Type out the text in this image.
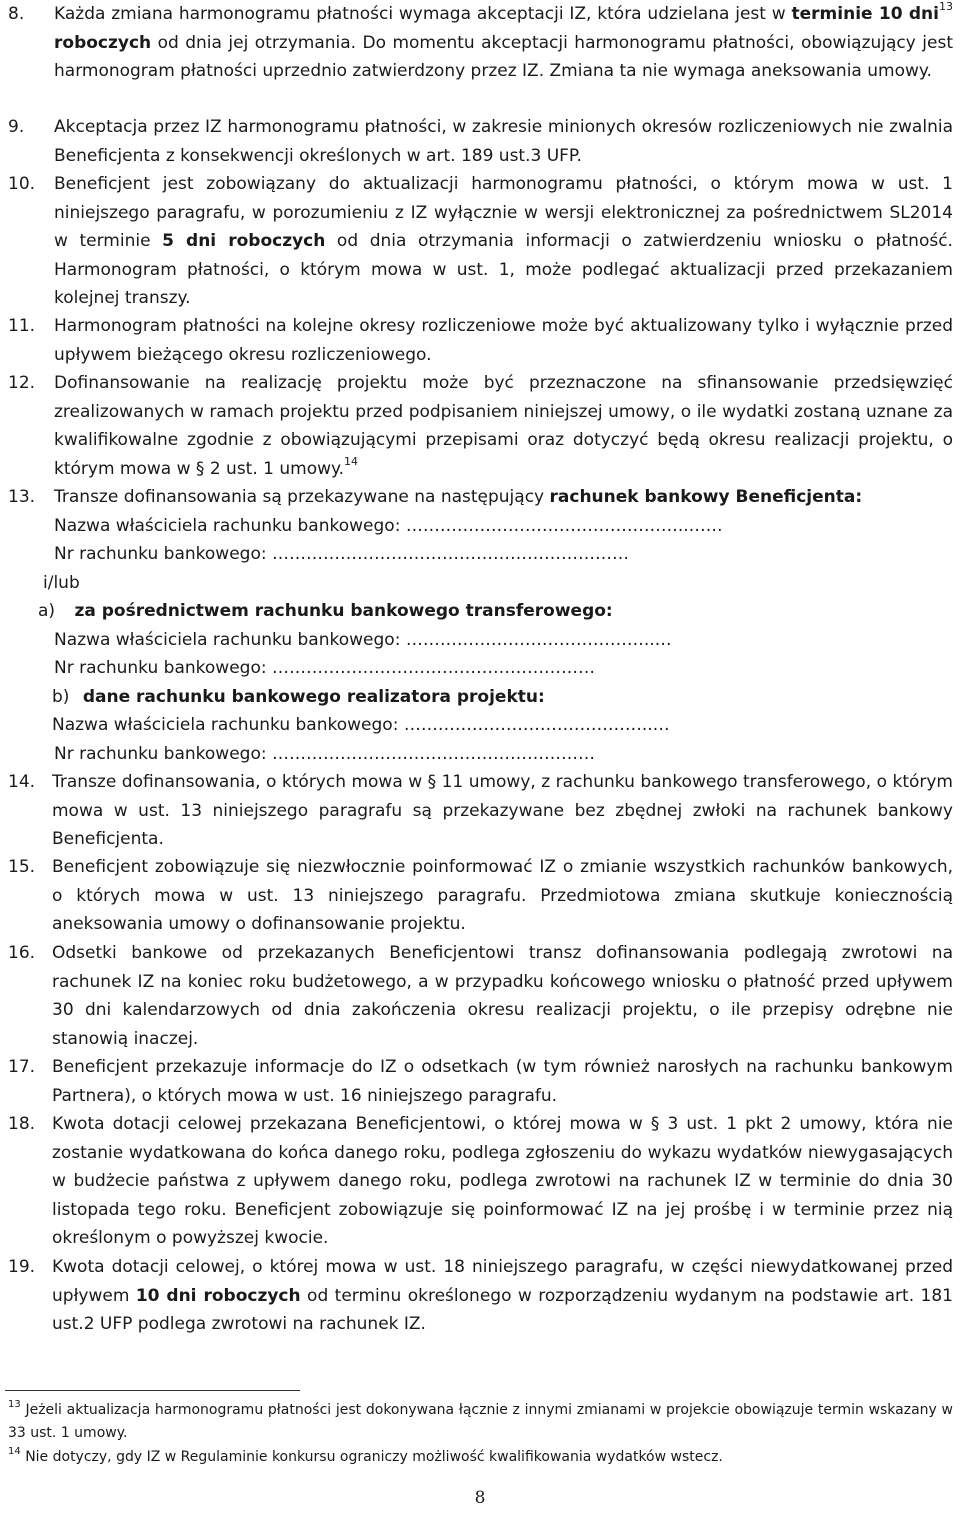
8. Każda zmiana harmonogramu płatności wymaga akceptacji IZ, która udzielana jest w terminie 10 dni$^{13}$ roboczych od dnia jej otrzymania. Do momentu akceptacji harmonogramu płatności, obowiązujący jest harmonogram płatności uprzednio zatwierdzony przez IZ. Zmiana ta nie wymaga aneksowania umowy.
9. Akceptacja przez IZ harmonogramu płatności, w zakresie minionych okresów rozliczeniowych nie zwalnia Beneficjenta z konsekwencji określonych w art. 189 ust.3 UFP.
10. Beneficjent jest zobowiązany do aktualizacji harmonogramu płatności, o którym mowa w ust. 1 niniejszego paragrafu, w porozumieniu z IZ wyłącznie w wersji elektronicznej za pośrednictwem SL2014 w terminie 5 dni roboczych od dnia otrzymania informacji o zatwierdzeniu wniosku o płatność. Harmonogram płatności, o którym mowa w ust. 1, może podlegać aktualizacji przed przekazaniem kolejnej transzy.
11. Harmonogram płatności na kolejne okresy rozliczeniowe może być aktualizowany tylko i wyłącznie przed upływem bieżącego okresu rozliczeniowego.
12. Dofinansowanie na realizację projektu może być przeznaczone na sfinansowanie przedsięwzięć zrealizowanych w ramach projektu przed podpisaniem niniejszej umowy, o ile wydatki zostaną uznane za kwalifikowalne zgodnie z obowiązującymi przepisami oraz dotyczyć będą okresu realizacji projektu, o którym mowa w § 2 ust. 1 umowy.$^{14}$
13. Transze dofinansowania są przekazywane na następujący rachunek bankowy Beneficjenta:
Nazwa właściciela rachunku bankowego: …………………………………………..……
Nr rachunku bankowego: ………………………………………………………
i/lub
a) za pośrednictwem rachunku bankowego transferowego:
Nazwa właściciela rachunku bankowego: ……………………………………..…
Nr rachunku bankowego: …………………………………………………
b) dane rachunku bankowego realizatora projektu:
Nazwa właściciela rachunku bankowego: ……………………………………..…
Nr rachunku bankowego: …………………………………………………
14. Transze dofinansowania, o których mowa w § 11 umowy, z rachunku bankowego transferowego, o którym mowa w ust. 13 niniejszego paragrafu są przekazywane bez zbędnej zwłoki na rachunek bankowy Beneficjenta.
15. Beneficjent zobowiązuje się niezwłocznie poinformować IZ o zmianie wszystkich rachunków bankowych, o których mowa w ust. 13 niniejszego paragrafu. Przedmiotowa zmiana skutkuje koniecznością aneksowania umowy o dofinansowanie projektu.
16. Odsetki bankowe od przekazanych Beneficjentowi transz dofinansowania podlegają zwrotowi na rachunek IZ na koniec roku budżetowego, a w przypadku końcowego wniosku o płatność przed upływem 30 dni kalendarzowych od dnia zakończenia okresu realizacji projektu, o ile przepisy odrębne nie stanowią inaczej.
17. Beneficjent przekazuje informacje do IZ o odsetkach (w tym również narosłych na rachunku bankowym Partnera), o których mowa w ust. 16 niniejszego paragrafu.
18. Kwota dotacji celowej przekazana Beneficjentowi, o której mowa w § 3 ust. 1 pkt 2 umowy, która nie zostanie wydatkowana do końca danego roku, podlega zgłoszeniu do wykazu wydatków niewygasających w budżecie państwa z upływem danego roku, podlega zwrotowi na rachunek IZ w terminie do dnia 30 listopada tego roku. Beneficjent zobowiązuje się poinformować IZ na jej prośbę i w terminie przez nią określonym o powyższej kwocie.
19. Kwota dotacji celowej, o której mowa w ust. 18 niniejszego paragrafu, w części niewydatkowanej przed upływem 10 dni roboczych od terminu określonego w rozporządzeniu wydanym na podstawie art. 181 ust.2 UFP podlega zwrotowi na rachunek IZ.
$^{13}$ Jeżeli aktualizacja harmonogramu płatności jest dokonywana łącznie z innymi zmianami w projekcie obowiązuje termin wskazany w 33 ust. 1 umowy.
$^{14}$ Nie dotyczy, gdy IZ w Regulaminie konkursu ograniczy możliwość kwalifikowania wydatków wstecz.
8
